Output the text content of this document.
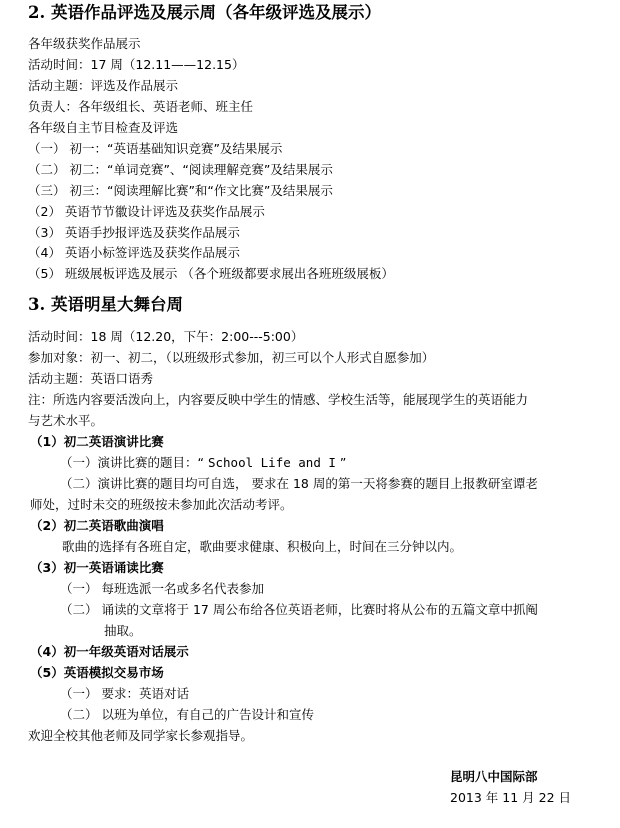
2. 英语作品评选及展示周（各年级评选及展示）
各年级获奖作品展示
活动时间：17 周（12.11——12.15）
活动主题：评选及作品展示
负责人：各年级组长、英语老师、班主任
各年级自主节目检查及评选
（一） 初一：“英语基础知识竞赛”及结果展示
（二） 初二：“单词竞赛”、“阅读理解竞赛”及结果展示
（三） 初三：“阅读理解比赛”和“作文比赛”及结果展示
（2） 英语节节徽设计评选及获奖作品展示
（3） 英语手抄报评选及获奖作品展示
（4） 英语小标签评选及获奖作品展示
（5） 班级展板评选及展示 （各个班级都要求展出各班班级展板）
3. 英语明星大舞台周
活动时间：18 周（12.20，下午：2:00---5:00）
参加对象：初一、初二，（以班级形式参加，初三可以个人形式自愿参加）
活动主题：英语口语秀
注：所选内容要活泼向上，内容要反映中学生的情感、学校生活等，能展现学生的英语能力
与艺术水平。
（1）初二英语演讲比赛
（一）演讲比赛的题目：“ School Life and I ”
（二）演讲比赛的题目均可自选， 要求在 18 周的第一天将参赛的题目上报教研室谭老
师处，过时未交的班级按未参加此次活动考评。
（2）初二英语歌曲演唱
歌曲的选择有各班自定，歌曲要求健康、积极向上，时间在三分钟以内。
（3）初一英语诵读比赛
（一） 每班选派一名或多名代表参加
（二） 诵读的文章将于 17 周公布给各位英语老师，比赛时将从公布的五篇文章中抓阄
抽取。
（4）初一年级英语对话展示
（5）英语模拟交易市场
（一） 要求：英语对话
（二） 以班为单位，有自己的广告设计和宣传
欢迎全校其他老师及同学家长参观指导。
昆明八中国际部
2013 年 11 月 22 日
